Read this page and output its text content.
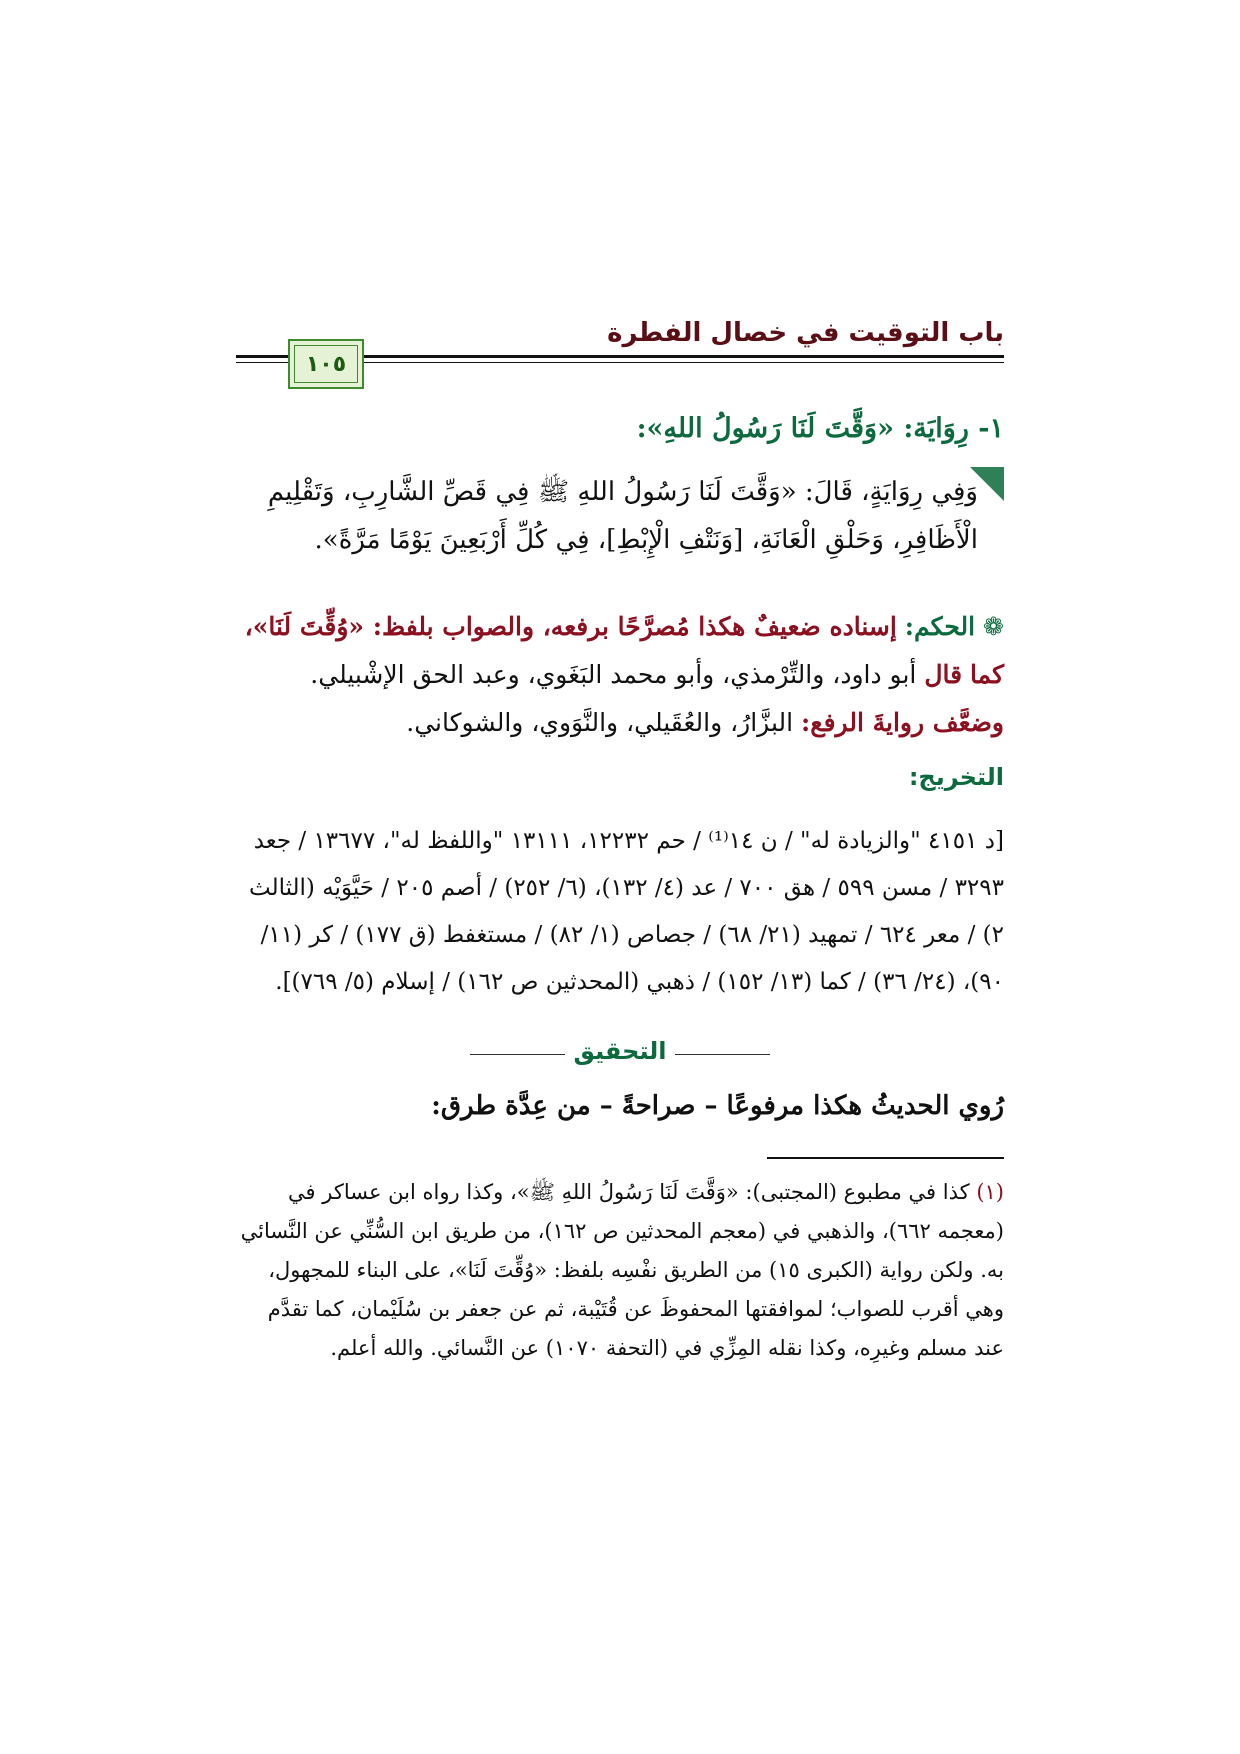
باب التوقيت في خصال الفطرة
١٠٥
١- رِوَايَة: «وَقَّتَ لَنَا رَسُولُ اللهِ»:
وَفِي رِوَايَةٍ، قَالَ: «وَقَّتَ لَنَا رَسُولُ اللهِ ﷺ فِي قَصِّ الشَّارِبِ، وَتَقْلِيمِ الْأَظَافِرِ، وَحَلْقِ الْعَانَةِ، [وَنَتْفِ الْإِبْطِ]، فِي كُلِّ أَرْبَعِينَ يَوْمًا مَرَّةً».
❁ الحكم: إسناده ضعيفٌ هكذا مُصرَّحًا برفعه، والصواب بلفظ: «وُقِّتَ لَنَا»، كما قال أبو داود، والتِّرْمذي، وأبو محمد البَغَوي، وعبد الحق الإشْبيلي.
وضعَّف روايةَ الرفع: البزَّارُ، والعُقَيلي، والنَّوَوي، والشوكاني.
التخريج:
[د ٤١٥١ "والزيادة له" / ن ١٤⁽¹⁾ / حم ١٢٢٣٢، ١٣١١١ "واللفظ له"، ١٣٦٧٧ / جعد ٣٢٩٣ / مسن ٥٩٩ / هق ٧٠٠ / عد (٤/ ١٣٢)، (٦/ ٢٥٢) / أصم ٢٠٥ / حَيَّوَيْه (الثالث ٢) / معر ٦٢٤ / تمهيد (٢١/ ٦٨) / جصاص (١/ ٨٢) / مستغفط (ق ١٧٧) / كر (١١/ ٩٠)، (٢٤/ ٣٦) / كما (١٣/ ١٥٢) / ذهبي (المحدثين ص ١٦٢) / إسلام (٥/ ٧٦٩)].
التحقيق
رُوي الحديثُ هكذا مرفوعًا – صراحةً – من عِدَّة طرق:
(١) كذا في مطبوع (المجتبى): «وَقَّتَ لَنَا رَسُولُ اللهِ ﷺ»، وكذا رواه ابن عساكر في (معجمه ٦٦٢)، والذهبي في (معجم المحدثين ص ١٦٢)، من طريق ابن السُّنِّي عن النَّسائي به. ولكن رواية (الكبرى ١٥) من الطريق نفْسِه بلفظ: «وُقِّتَ لَنَا»، على البناء للمجهول، وهي أقرب للصواب؛ لموافقتها المحفوظَ عن قُتَيْبة، ثم عن جعفر بن سُلَيْمان، كما تقدَّم عند مسلم وغيرِه، وكذا نقله المِزِّي في (التحفة ١٠٧٠) عن النَّسائي. والله أعلم.
